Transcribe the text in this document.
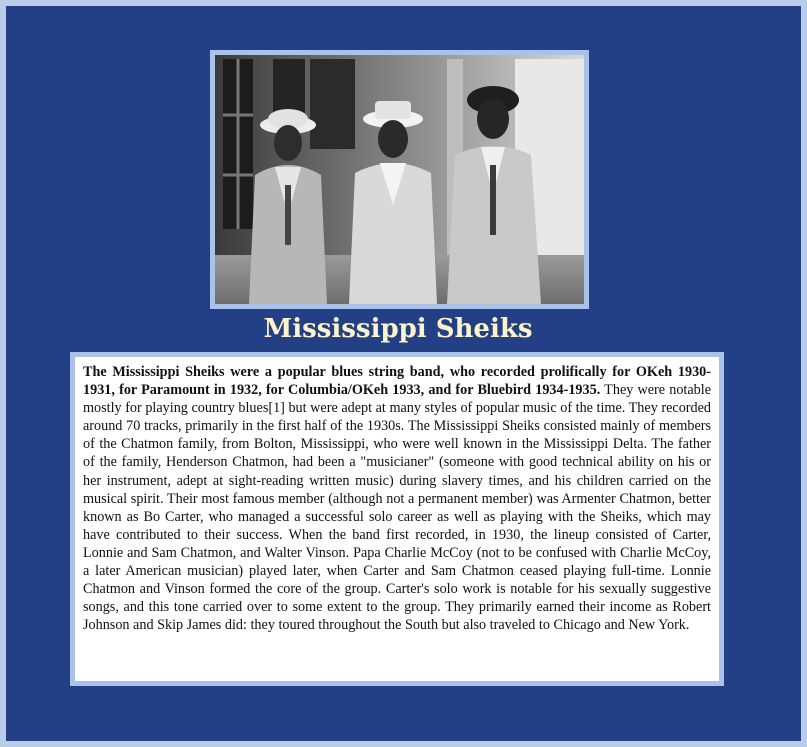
Mississippi Sheiks
The Mississippi Sheiks were a popular blues string band, who recorded prolifically for OKeh 1930-1931, for Paramount in 1932, for Columbia/OKeh 1933, and for Bluebird 1934-1935. They were notable mostly for playing country blues[1] but were adept at many styles of popular music of the time. They recorded around 70 tracks, primarily in the first half of the 1930s. The Mississippi Sheiks consisted mainly of members of the Chatmon family, from Bolton, Mississippi, who were well known in the Mississippi Delta. The father of the family, Henderson Chatmon, had been a "musicianer" (someone with good technical ability on his or her instrument, adept at sight-reading written music) during slavery times, and his children carried on the musical spirit. Their most famous member (although not a permanent member) was Armenter Chatmon, better known as Bo Carter, who managed a successful solo career as well as playing with the Sheiks, which may have contributed to their success. When the band first recorded, in 1930, the lineup consisted of Carter, Lonnie and Sam Chatmon, and Walter Vinson. Papa Charlie McCoy (not to be confused with Charlie McCoy, a later American musician) played later, when Carter and Sam Chatmon ceased playing full-time. Lonnie Chatmon and Vinson formed the core of the group. Carter's solo work is notable for his sexually suggestive songs, and this tone carried over to some extent to the group. They primarily earned their income as Robert Johnson and Skip James did: they toured throughout the South but also traveled to Chicago and New York.
